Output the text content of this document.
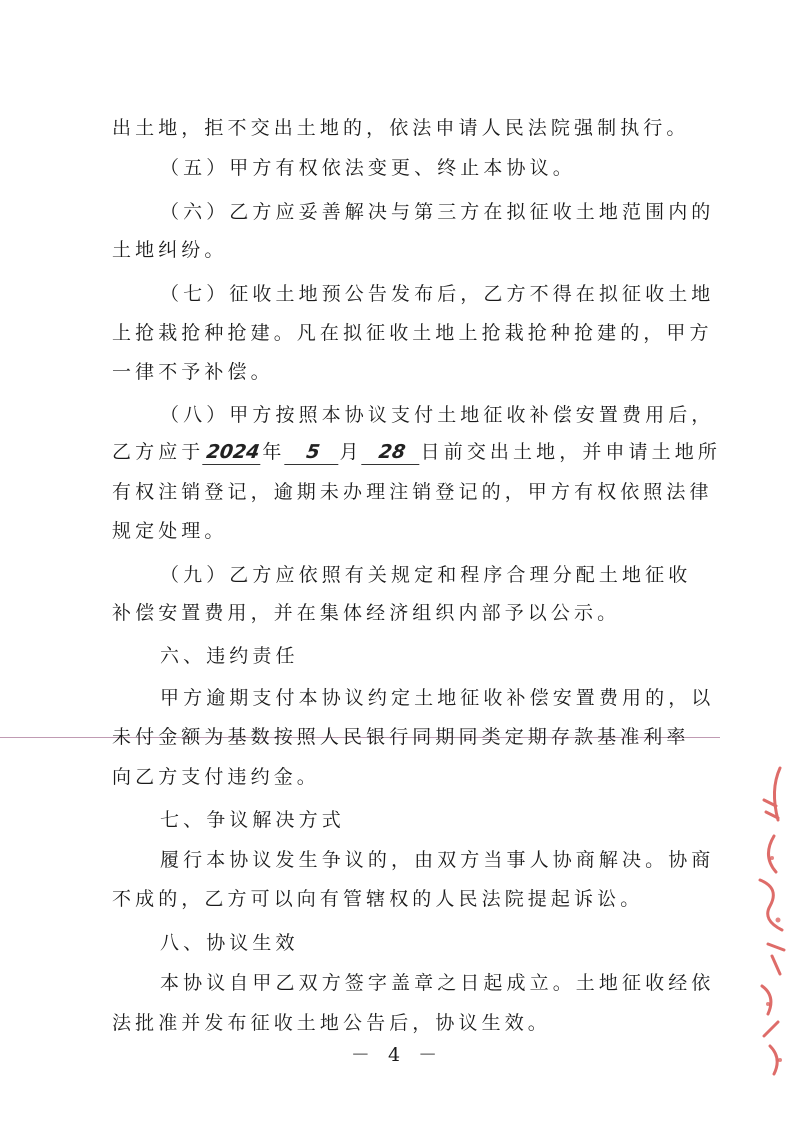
出土地，拒不交出土地的，依法申请人民法院强制执行。
（五）甲方有权依法变更、终止本协议。
（六）乙方应妥善解决与第三方在拟征收土地范围内的
土地纠纷。
（七）征收土地预公告发布后，乙方不得在拟征收土地
上抢栽抢种抢建。凡在拟征收土地上抢栽抢种抢建的，甲方
一律不予补偿。
（八）甲方按照本协议支付土地征收补偿安置费用后，
乙方应于2024年 5 月 28 日前交出土地，并申请土地所
有权注销登记，逾期未办理注销登记的，甲方有权依照法律
规定处理。
（九）乙方应依照有关规定和程序合理分配土地征收
补偿安置费用，并在集体经济组织内部予以公示。
六、违约责任
甲方逾期支付本协议约定土地征收补偿安置费用的，以
未付金额为基数按照人民银行同期同类定期存款基准利率
向乙方支付违约金。
七、争议解决方式
履行本协议发生争议的，由双方当事人协商解决。协商
不成的，乙方可以向有管辖权的人民法院提起诉讼。
八、协议生效
本协议自甲乙双方签字盖章之日起成立。土地征收经依
法批准并发布征收土地公告后，协议生效。
－ 4 －
